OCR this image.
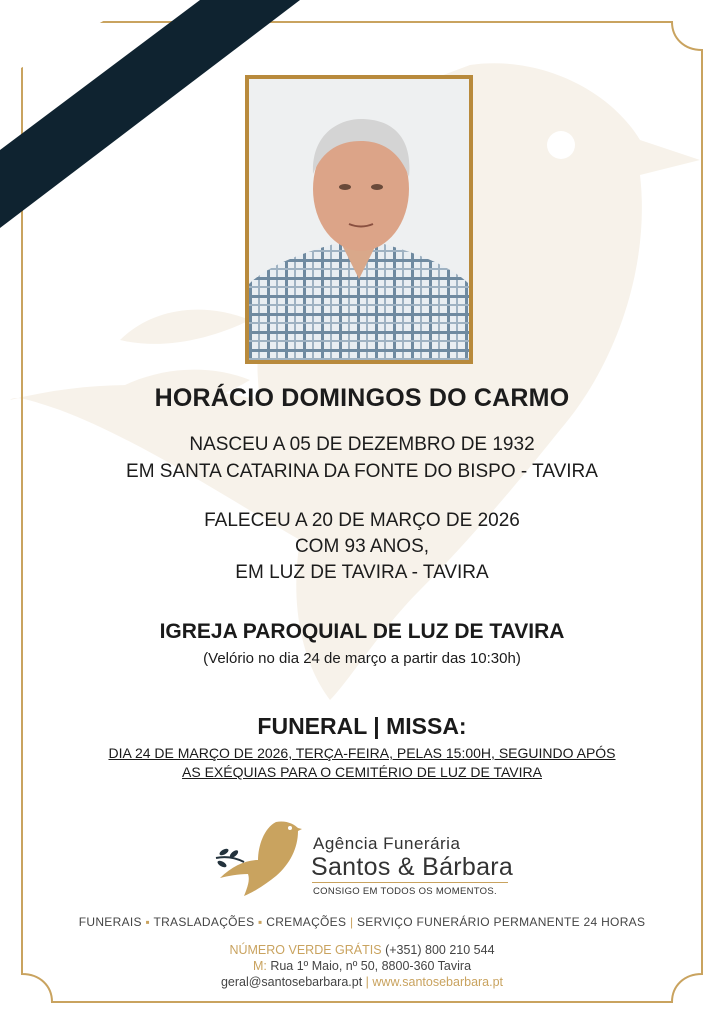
HORÁCIO DOMINGOS DO CARMO
NASCEU A 05 DE DEZEMBRO DE 1932
EM SANTA CATARINA DA FONTE DO BISPO - TAVIRA
FALECEU A 20 DE MARÇO DE 2026
COM 93 ANOS,
EM LUZ DE TAVIRA - TAVIRA
IGREJA PAROQUIAL DE LUZ DE TAVIRA
(Velório no dia 24 de março a partir das 10:30h)
FUNERAL | MISSA:
DIA 24 DE MARÇO DE 2026, TERÇA-FEIRA, PELAS 15:00H, SEGUINDO APÓS
AS EXÉQUIAS PARA O CEMITÉRIO DE LUZ DE TAVIRA
Agência Funerária
Santos & Bárbara
CONSIGO EM TODOS OS MOMENTOS.
FUNERAIS ▪ TRASLADAÇÕES ▪ CREMAÇÕES | SERVIÇO FUNERÁRIO PERMANENTE 24 HORAS
NÚMERO VERDE GRÁTIS (+351) 800 210 544
M: Rua 1º Maio, nº 50, 8800-360 Tavira
geral@santosebarbara.pt | www.santosebarbara.pt
